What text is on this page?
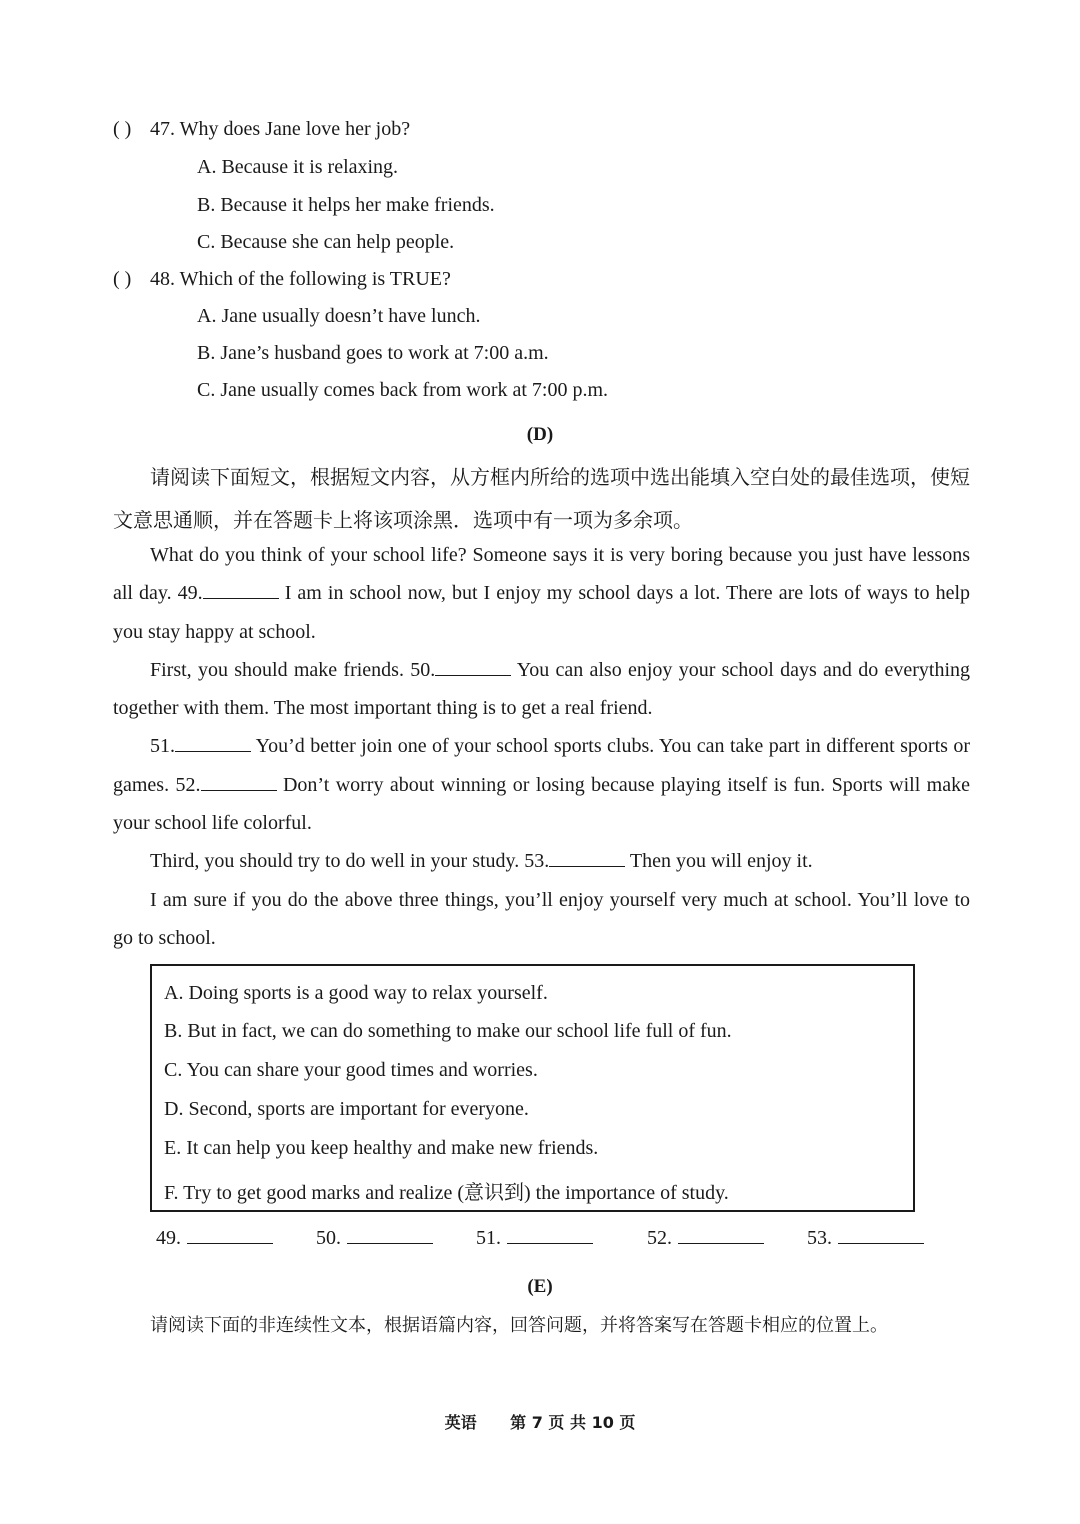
( ) 47. Why does Jane love her job?
A. Because it is relaxing.
B. Because it helps her make friends.
C. Because she can help people.
( ) 48. Which of the following is TRUE?
A. Jane usually doesn’t have lunch.
B. Jane’s husband goes to work at 7:00 a.m.
C. Jane usually comes back from work at 7:00 p.m.
(D)

请阅读下面短文，根据短文内容，从方框内所给的选项中选出能填入空白处的最佳选项，使短文意思通顺，并在答题卡上将该项涂黑．选项中有一项为多余项。

What do you think of your school life? Someone says it is very boring because you just have lessons all day. 49.	I am in school now, but I enjoy my school days a lot. There are lots of ways to help you stay happy at school.

First, you should make friends. 50.	You can also enjoy your school days and do everything together with them. The most important thing is to get a real friend.

51.	You’d better join one of your school sports clubs. You can take part in different sports or games. 52.	Don’t worry about winning or losing because playing itself is fun. Sports will make your school life colorful.

Third, you should try to do well in your study. 53.	Then you will enjoy it.

I am sure if you do the above three things, you’ll enjoy yourself very much at school. You’ll love to go to school.

A. Doing sports is a good way to relax yourself.
B. But in fact, we can do something to make our school life full of fun.
C. You can share your good times and worries.
D. Second, sports are important for everyone.
E. It can help you keep healthy and make new friends.
F. Try to get good marks and realize (意识到) the importance of study.
49.	50.	51.	52.	53.
(E)
请阅读下面的非连续性文本，根据语篇内容，回答问题，并将答案写在答题卡相应的位置上。
英语 第 7 页 共 10 页
